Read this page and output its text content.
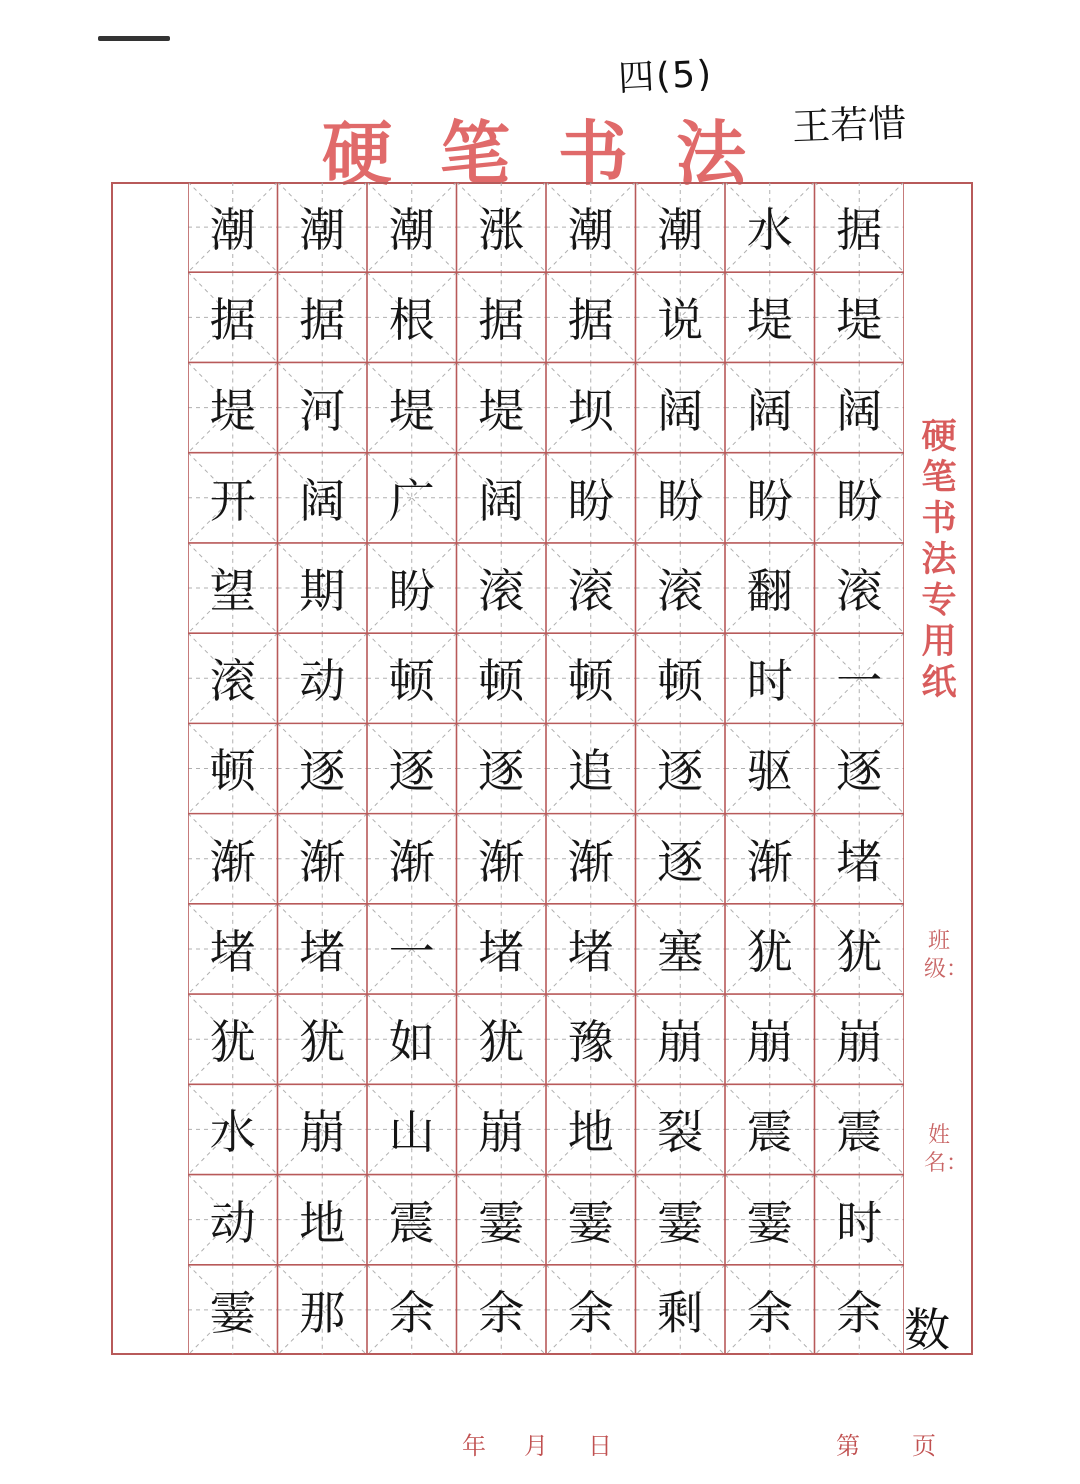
四(5)
王若惜
硬笔书法
潮 潮 潮 涨 潮 潮 水 据
据 据 根 据 据 说 堤 堤
堤 河 堤 堤 坝 阔 阔 阔
开 阔 广 阔 盼 盼 盼 盼
望 期 盼 滚 滚 滚 翻 滚
滚 动 顿 顿 顿 顿 时 一
顿 逐 逐 逐 追 逐 驱 逐
渐 渐 渐 渐 渐 逐 渐 堵
堵 堵 一 堵 堵 塞 犹 犹
犹 犹 如 犹 豫 崩 崩 崩
水 崩 山 崩 地 裂 震 震
动 地 震 霎 霎 霎 霎 时
霎 那 余 余 余 剩 余 余
硬笔书法专用纸
班级：
姓名：
数
年 月 日	第 页
